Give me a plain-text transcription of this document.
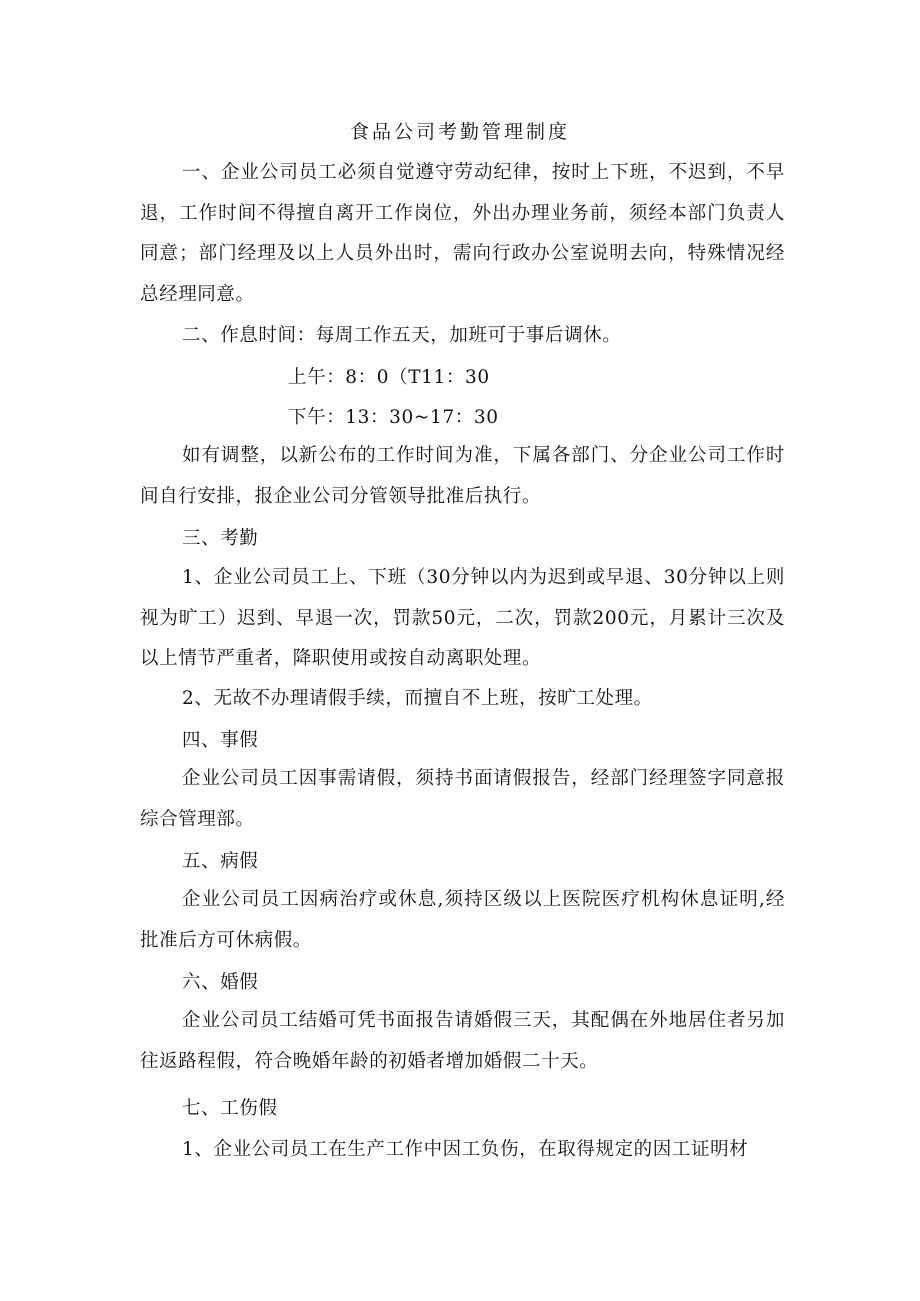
食品公司考勤管理制度

一、企业公司员工必须自觉遵守劳动纪律，按时上下班，不迟到，不早退，工作时间不得擅自离开工作岗位，外出办理业务前，须经本部门负责人同意；部门经理及以上人员外出时，需向行政办公室说明去向，特殊情况经总经理同意。

二、作息时间：每周工作五天，加班可于事后调休。

上午：8：0（T11：30
下午：13：30~17：30

如有调整，以新公布的工作时间为准，下属各部门、分企业公司工作时间自行安排，报企业公司分管领导批准后执行。

三、考勤

1、企业公司员工上、下班（30分钟以内为迟到或早退、30分钟以上则视为旷工）迟到、早退一次，罚款50元，二次，罚款200元，月累计三次及以上情节严重者，降职使用或按自动离职处理。

2、无故不办理请假手续，而擅自不上班，按旷工处理。

四、事假

企业公司员工因事需请假，须持书面请假报告，经部门经理签字同意报综合管理部。

五、病假

企业公司员工因病治疗或休息,须持区级以上医院医疗机构休息证明,经批准后方可休病假。

六、婚假

企业公司员工结婚可凭书面报告请婚假三天，其配偶在外地居住者另加往返路程假，符合晚婚年龄的初婚者增加婚假二十天。

七、工伤假

1、企业公司员工在生产工作中因工负伤，在取得规定的因工证明材
